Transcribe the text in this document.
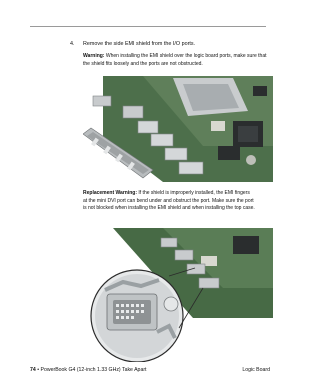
4. Remove the side EMI shield from the I/O ports.
Warning: When installing the EMI shield over the logic board ports, make sure that
the shield fits loosely and the ports are not obstructed.
Replacement Warning: If the shield is improperly installed, the EMI fingers
at the mini DVI port can bend under and obstruct the port. Make sure the port
is not blocked when installing the EMI shield and when installing the top case.
74 • PowerBook G4 (12-inch 1.33 GHz) Take Apart	Logic Board
